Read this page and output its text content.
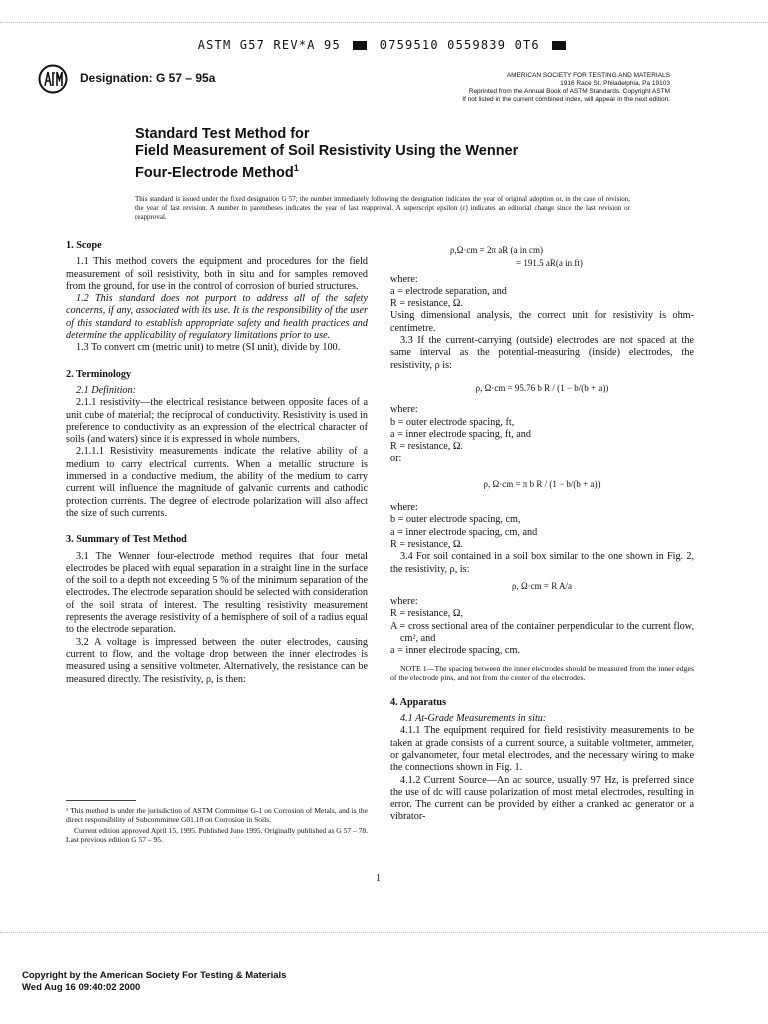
ASTM G57 REV*A 95	0759510 0559839 0T6
Designation: G 57 – 95a	AMERICAN SOCIETY FOR TESTING AND MATERIALS
1916 Race St. Philadelphia, Pa 19103
Reprinted from the Annual Book of ASTM Standards. Copyright ASTM
If not listed in the current combined index, will appear in the next edition.
Standard Test Method for
Field Measurement of Soil Resistivity Using the Wenner
Four-Electrode Method$^1$
This standard is issued under the fixed designation G 57; the number immediately following the designation indicates the year of original adoption or, in the case of revision, the year of last revision. A number in parentheses indicates the year of last reapproval. A superscript epsilon (ε) indicates an editorial change since the last revision or reapproval.

1. Scope

1.1 This method covers the equipment and procedures for the field measurement of soil resistivity, both in situ and for samples removed from the ground, for use in the control of corrosion of buried structures.

1.2 This standard does not purport to address all of the safety concerns, if any, associated with its use. It is the responsibility of the user of this standard to establish appropriate safety and health practices and determine the applicability of regulatory limitations prior to use.

1.3 To convert cm (metric unit) to metre (SI unit), divide by 100.

2. Terminology

2.1 Definition:

2.1.1 resistivity—the electrical resistance between opposite faces of a unit cube of material; the reciprocal of conductivity. Resistivity is used in preference to conductivity as an expression of the electrical character of soils (and waters) since it is expressed in whole numbers.

2.1.1.1 Resistivity measurements indicate the relative ability of a medium to carry electrical currents. When a metallic structure is immersed in a conductive medium, the ability of the medium to carry current will influence the magnitude of galvanic currents and cathodic protection currents. The degree of electrode polarization will also affect the size of such currents.

3. Summary of Test Method

3.1 The Wenner four-electrode method requires that four metal electrodes be placed with equal separation in a straight line in the surface of the soil to a depth not exceeding 5 % of the minimum separation of the electrodes. The electrode separation should be selected with consideration of the soil strata of interest. The resulting resistivity measurement represents the average resistivity of a hemisphere of soil of a radius equal to the electrode separation.

3.2 A voltage is impressed between the outer electrodes, causing current to flow, and the voltage drop between the inner electrodes is measured using a sensitive voltmeter. Alternatively, the resistance can be measured directly. The resistivity, ρ, is then:

¹ This method is under the jurisdiction of ASTM Committee G-1 on Corrosion of Metals, and is the direct responsibility of Subcommittee G01.10 on Corrosion in Soils.

Current edition approved April 15, 1995. Published June 1995. Originally published as G 57 – 78. Last previous edition G 57 – 95.

ρ,Ω·cm = 2π aR (a in cm)

= 191.5 aR(a in ft)

where:

a = electrode separation, and

R = resistance, Ω.

Using dimensional analysis, the correct unit for resistivity is ohm-centimetre.

3.3 If the current-carrying (outside) electrodes are not spaced at the same interval as the potential-measuring (inside) electrodes, the resistivity, ρ is:

ρ, Ω·cm = 95.76 b R / (1 − b/(b + a))

where:

b = outer electrode spacing, ft,

a = inner electrode spacing, ft, and

R = resistance, Ω.

or:

ρ, Ω·cm = π b R / (1 − b/(b + a))

where:

b = outer electrode spacing, cm,

a = inner electrode spacing, cm, and

R = resistance, Ω.

3.4 For soil contained in a soil box similar to the one shown in Fig. 2, the resistivity, ρ, is:

ρ, Ω·cm = R A/a

where:

R = resistance, Ω,

A = cross sectional area of the container perpendicular to the current flow, cm², and

a = inner electrode spacing, cm.

NOTE 1—The spacing between the inner electrodes should be measured from the inner edges of the electrode pins, and not from the center of the electrodes.

4. Apparatus

4.1 At-Grade Measurements in situ:

4.1.1 The equipment required for field resistivity measurements to be taken at grade consists of a current source, a suitable voltmeter, ammeter, or galvanometer, four metal electrodes, and the necessary wiring to make the connections shown in Fig. 1.

4.1.2 Current Source—An ac source, usually 97 Hz, is preferred since the use of dc will cause polarization of most metal electrodes, resulting in error. The current can be provided by either a cranked ac generator or a vibrator-

1
Copyright by the American Society For Testing & Materials
Wed Aug 16 09:40:02 2000
